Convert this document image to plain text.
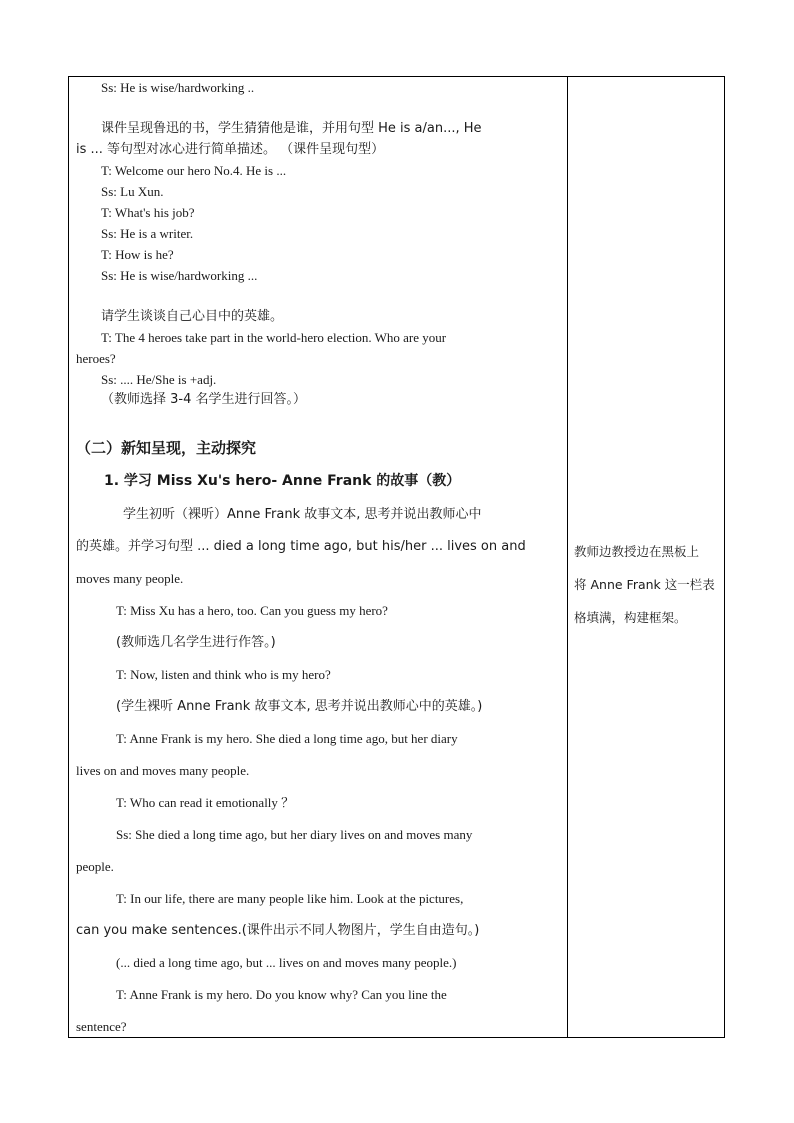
Ss: He is wise/hardworking ..
课件呈现鲁迅的书，学生猜猜他是谁，并用句型 He is a/an..., He
is ... 等句型对冰心进行简单描述。 （课件呈现句型）
T: Welcome our hero No.4. He is ...
Ss: Lu Xun.
T: What's his job?
Ss: He is a writer.
T: How is he?
Ss: He is wise/hardworking ...
请学生谈谈自己心目中的英雄。
T: The 4 heroes take part in the world-hero election. Who are your
heroes?
Ss: .... He/She is +adj.
（教师选择 3-4 名学生进行回答。）
（二）新知呈现，主动探究
1. 学习 Miss Xu's hero- Anne Frank 的故事（教）
学生初听（裸听）Anne Frank 故事文本, 思考并说出教师心中
的英雄。并学习句型 ... died a long time ago, but his/her ... lives on and
moves many people.
T: Miss Xu has a hero, too. Can you guess my hero?
(教师选几名学生进行作答。)
T: Now, listen and think who is my hero?
(学生裸听 Anne Frank 故事文本, 思考并说出教师心中的英雄。)
T: Anne Frank is my hero. She died a long time ago, but her diary
lives on and moves many people.
T: Who can read it emotionally ？
Ss: She died a long time ago, but her diary lives on and moves many
people.
T: In our life, there are many people like him. Look at the pictures,
can you make sentences.(课件出示不同人物图片，学生自由造句。)
(... died a long time ago, but ... lives on and moves many people.)
T: Anne Frank is my hero. Do you know why? Can you line the
sentence?
教师边教授边在黑板上
将 Anne Frank 这一栏表
格填满，构建框架。
